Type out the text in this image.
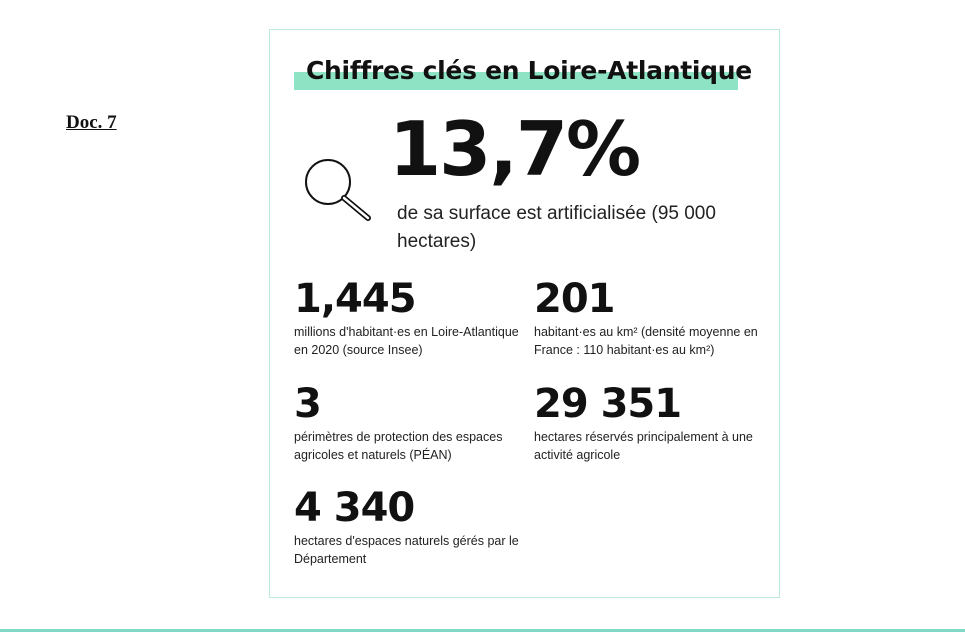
Doc. 7
Chiffres clés en Loire-Atlantique
13,7%
de sa surface est artificialisée (95 000 hectares)
1,445
millions d'habitant·es en Loire-Atlantique en 2020 (source Insee)
201
habitant·es au km² (densité moyenne en France : 110 habitant·es au km²)
3
périmètres de protection des espaces agricoles et naturels (PÉAN)
29 351
hectares réservés principalement à une activité agricole
4 340
hectares d'espaces naturels gérés par le Département
